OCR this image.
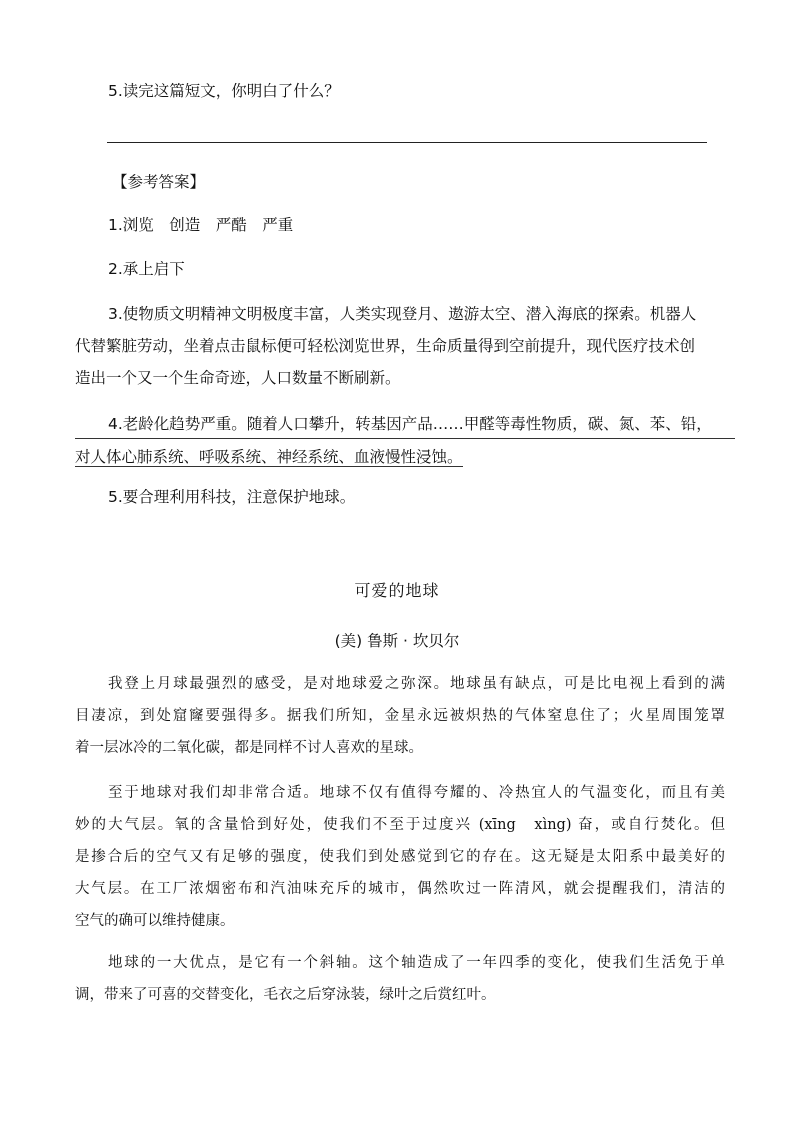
5.读完这篇短文，你明白了什么？
【参考答案】
1.浏览　创造　严酷　严重
2.承上启下
3.使物质文明精神文明极度丰富，人类实现登月、遨游太空、潜入海底的探索。机器人
代替繁脏劳动，坐着点击鼠标便可轻松浏览世界，生命质量得到空前提升，现代医疗技术创
造出一个又一个生命奇迹，人口数量不断刷新。
4.老龄化趋势严重。随着人口攀升，转基因产品……甲醛等毒性物质，碳、氮、苯、铅，
对人体心肺系统、呼吸系统、神经系统、血液慢性浸蚀。
5.要合理利用科技，注意保护地球。
可爱的地球
(美) 鲁斯 · 坎贝尔
我登上月球最强烈的感受，是对地球爱之弥深。地球虽有缺点，可是比电视上看到的满
目凄凉，到处窟窿要强得多。据我们所知，金星永远被炽热的气体窒息住了；火星周围笼罩
着一层冰冷的二氧化碳，都是同样不讨人喜欢的星球。
至于地球对我们却非常合适。地球不仅有值得夸耀的、冷热宜人的气温变化，而且有美
妙的大气层。氧的含量恰到好处，使我们不至于过度兴 (xīng　xìng) 奋，或自行焚化。但
是掺合后的空气又有足够的强度，使我们到处感觉到它的存在。这无疑是太阳系中最美好的
大气层。在工厂浓烟密布和汽油味充斥的城市，偶然吹过一阵清风，就会提醒我们，清洁的
空气的确可以维持健康。
地球的一大优点，是它有一个斜轴。这个轴造成了一年四季的变化，使我们生活免于单
调，带来了可喜的交替变化，毛衣之后穿泳装，绿叶之后赏红叶。
